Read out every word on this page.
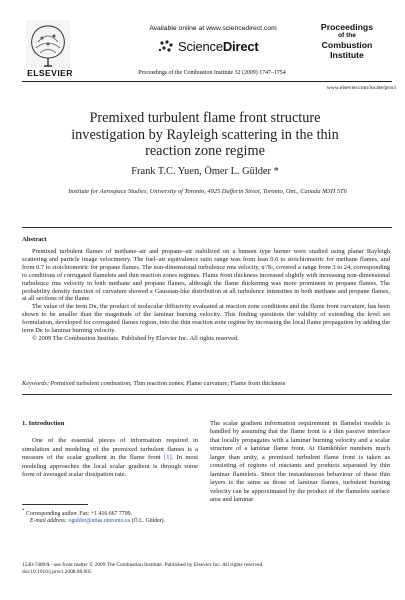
ELSEVIER
Available online at www.sciencedirect.com
ScienceDirect
Proceedings of the Combustion Institute 32 (2009) 1747–1754
Proceedings
of the
Combustion
Institute
www.elsevier.com/locate/proci
Premixed turbulent flame front structure
investigation by Rayleigh scattering in the thin
reaction zone regime
Frank T.C. Yuen, Ömer L. Gülder *
Institute for Aerospace Studies, University of Toronto, 4925 Dufferin Street, Toronto, Ont., Canada M3H 5T6
Abstract

Premixed turbulent flames of methane–air and propane–air stabilized on a bunsen type burner were studied using planar Rayleigh scattering and particle image velocimetry. The fuel–air equivalence ratio range was from lean 0.6 to stoichiometric for methane flames, and from 0.7 to stoichiometric for propane flames. The non-dimensional turbulence rms velocity, u′/Sₗ, covered a range from 3 to 24, corresponding to conditions of corrugated flamelets and thin reaction zones regimes. Flame front thickness increased slightly with increasing non-dimensional turbulence rms velocity in both methane and propane flames, although the flame thickening was more prominent in propane flames. The probability density function of curvature showed a Gaussian-like distribution at all turbulence intensities in both methane and propane flames, at all sections of the flame.

The value of the term Dκ, the product of molecular diffusivity evaluated at reaction zone conditions and the flame front curvature, has been shown to be smaller than the magnitude of the laminar burning velocity. This finding questions the validity of extending the level set formulation, developed for corrugated flames region, into the thin reaction zone regime by increasing the local flame propagation by adding the term Dκ to laminar burning velocity.

© 2009 The Combustion Institute. Published by Elsevier Inc. All rights reserved.

Keywords: Premixed turbulent combustion; Thin reaction zones; Flame curvature; Flame front thickness
1. Introduction

One of the essential pieces of information required in simulation and modeling of the premixed turbulent flames is a measure of the scalar gradient in the flame front [1]. In most modeling approaches the local scalar gradient is through some form of averaged scalar dissipation rate.

The scalar gradient information requirement in flamelet models is handled by assuming that the flame front is a thin passive interface that locally propagates with a laminar burning velocity and a scalar structure of a laminar flame front. At Damköhler numbers much larger than unity, a premixed turbulent flame front is taken as consisting of regions of reactants and products separated by thin laminar flamelets. Since the instantaneous behaviour of these thin layers is the same as those of laminar flames, turbulent burning velocity can be approximated by the product of the flamelets surface area and laminar

* Corresponding author. Fax: +1 416 667 7799.
E-mail address: ogulder@utias.utoronto.ca (Ö.L. Gülder).
1540-7489/$ - see front matter © 2009 The Combustion Institute. Published by Elsevier Inc. All rights reserved.
doi:10.1016/j.proci.2008.08.005
